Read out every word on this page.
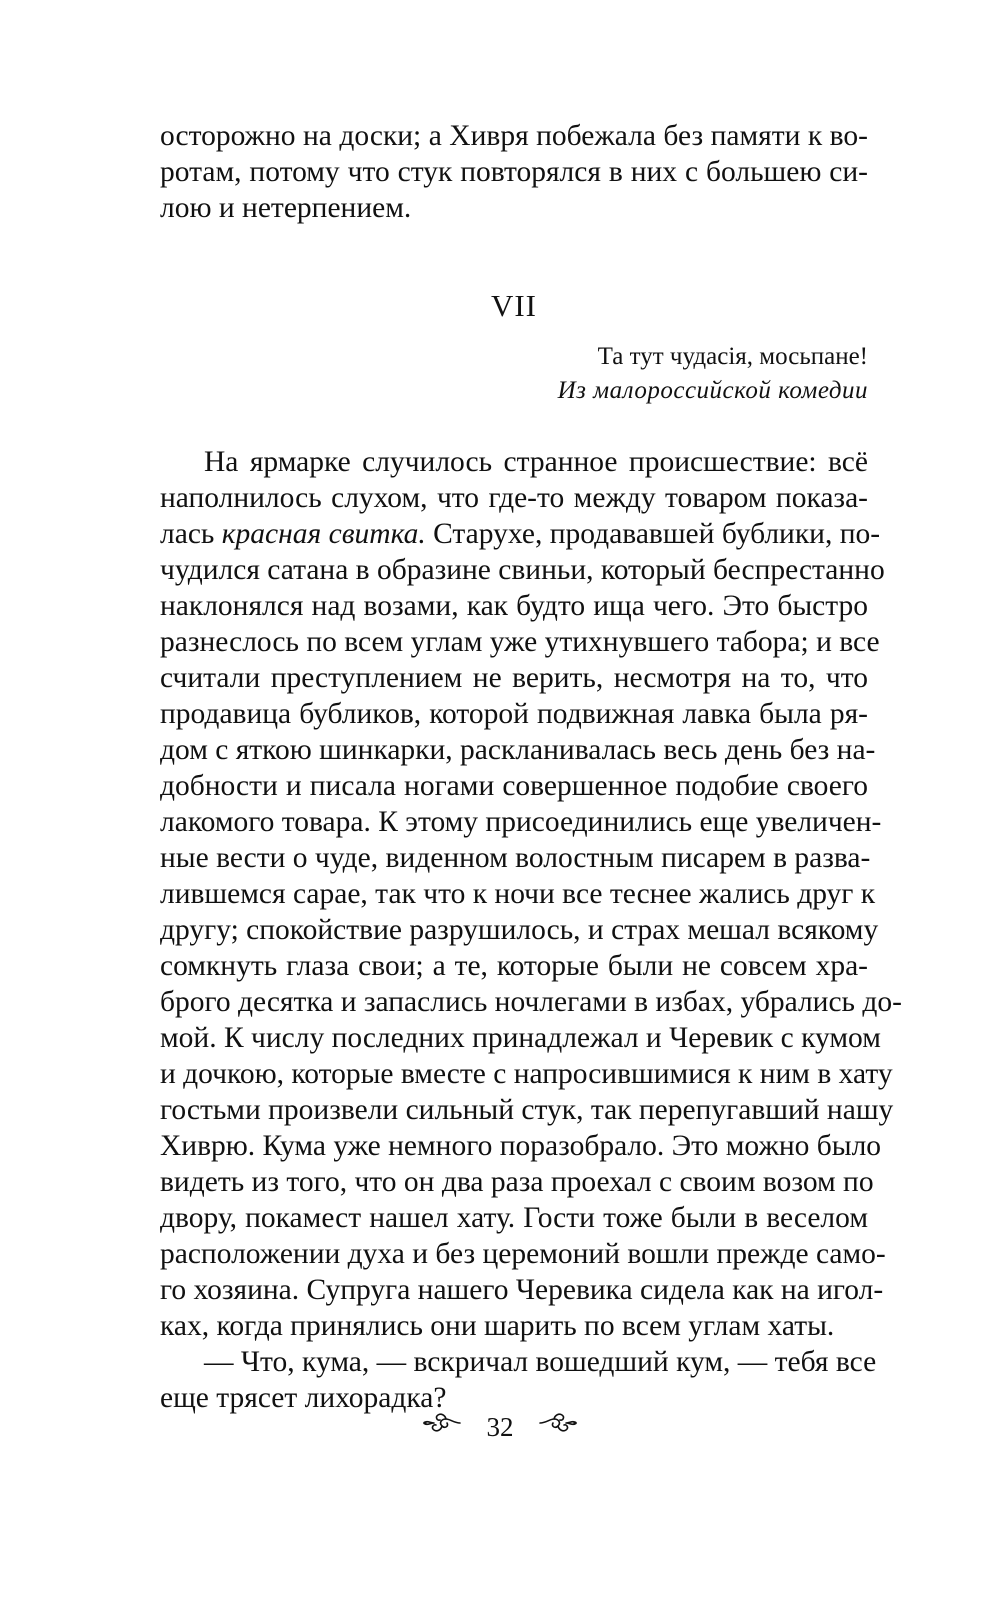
осторожно на доски; а Хивря побежала без памяти к во-
ротам, потому что стук повторялся в них с большею си-
лою и нетерпением.

VII
Та тут чудасія, мосьпане!
Из малороссийской комедии

На ярмарке случилось странное происшествие: всё
наполнилось слухом, что где-то между товаром показа-
лась красная свитка. Старухе, продававшей бублики, по-
чудился сатана в образине свиньи, который беспрестанно
наклонялся над возами, как будто ища чего. Это быстро
разнеслось по всем углам уже утихнувшего табора; и все
считали преступлением не верить, несмотря на то, что
продавица бубликов, которой подвижная лавка была ря-
дом с яткою шинкарки, раскланивалась весь день без на-
добности и писала ногами совершенное подобие своего
лакомого товара. К этому присоединились еще увеличен-
ные вести о чуде, виденном волостным писарем в разва-
лившемся сарае, так что к ночи все теснее жались друг к
другу; спокойствие разрушилось, и страх мешал всякому
сомкнуть глаза свои; а те, которые были не совсем хра-
брого десятка и запаслись ночлегами в избах, убрались до-
мой. К числу последних принадлежал и Черевик с кумом
и дочкою, которые вместе с напросившимися к ним в хату
гостьми произвели сильный стук, так перепугавший нашу
Хиврю. Кума уже немного поразобрало. Это можно было
видеть из того, что он два раза проехал с своим возом по
двору, покамест нашел хату. Гости тоже были в веселом
расположении духа и без церемоний вошли прежде само-
го хозяина. Супруга нашего Черевика сидела как на игол-
ках, когда принялись они шарить по всем углам хаты.

— Что, кума, — вскричал вошедший кум, — тебя все
еще трясет лихорадка?

32
